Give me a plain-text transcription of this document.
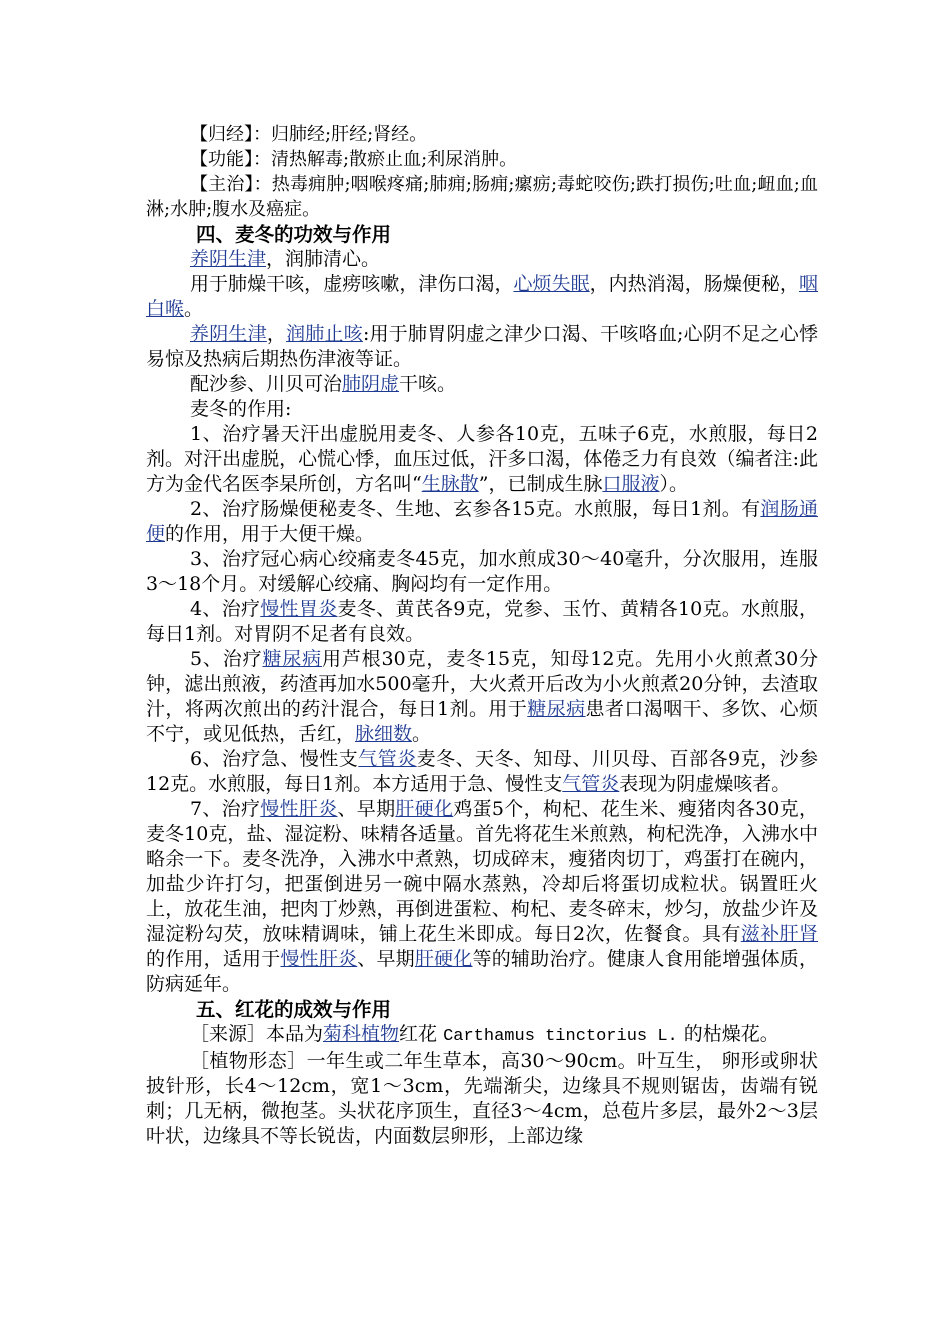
【归经】：归肺经;肝经;肾经。

【功能】：清热解毒;散瘀止血;利尿消肿。

【主治】：热毒痈肿;咽喉疼痛;肺痈;肠痈;瘰疬;毒蛇咬伤;跌打损伤;吐血;衄血;血淋;水肿;腹水及癌症。

四、麦冬的功效与作用

养阴生津，润肺清心。

用于肺燥干咳，虚痨咳嗽，津伤口渴，心烦失眠，内热消渴，肠燥便秘，咽白喉。

养阴生津，润肺止咳:用于肺胃阴虚之津少口渴、干咳咯血;心阴不足之心悸易惊及热病后期热伤津液等证。

配沙参、川贝可治肺阴虚干咳。

麦冬的作用:

1、治疗暑天汗出虚脱用麦冬、人参各10克，五味子6克，水煎服，每日2剂。对汗出虚脱，心慌心悸，血压过低，汗多口渴，体倦乏力有良效（编者注:此方为金代名医李杲所创，方名叫“生脉散”，已制成生脉口服液）。

2、治疗肠燥便秘麦冬、生地、玄参各15克。水煎服，每日1剂。有润肠通便的作用，用于大便干燥。

3、治疗冠心病心绞痛麦冬45克，加水煎成30～40毫升，分次服用，连服3～18个月。对缓解心绞痛、胸闷均有一定作用。

4、治疗慢性胃炎麦冬、黄芪各9克，党参、玉竹、黄精各10克。水煎服，每日1剂。对胃阴不足者有良效。

5、治疗糖尿病用芦根30克，麦冬15克，知母12克。先用小火煎煮30分钟，滤出煎液，药渣再加水500毫升，大火煮开后改为小火煎煮20分钟，去渣取汁，将两次煎出的药汁混合，每日1剂。用于糖尿病患者口渴咽干、多饮、心烦不宁，或见低热，舌红，脉细数。

6、治疗急、慢性支气管炎麦冬、天冬、知母、川贝母、百部各9克，沙参12克。水煎服，每日1剂。本方适用于急、慢性支气管炎表现为阴虚燥咳者。

7、治疗慢性肝炎、早期肝硬化鸡蛋5个，枸杞、花生米、瘦猪肉各30克，麦冬10克，盐、湿淀粉、味精各适量。首先将花生米煎熟，枸杞洗净，入沸水中略余一下。麦冬洗净，入沸水中煮熟，切成碎末，瘦猪肉切丁，鸡蛋打在碗内，加盐少许打匀，把蛋倒进另一碗中隔水蒸熟，冷却后将蛋切成粒状。锅置旺火上，放花生油，把肉丁炒熟，再倒进蛋粒、枸杞、麦冬碎末，炒匀，放盐少许及湿淀粉勾芡，放味精调味，铺上花生米即成。每日2次，佐餐食。具有滋补肝肾的作用，适用于慢性肝炎、早期肝硬化等的辅助治疗。健康人食用能增强体质，防病延年。

五、红花的成效与作用

［来源］本品为菊科植物红花 Carthamus tinctorius L. 的枯燥花。

［植物形态］一年生或二年生草本，高30～90cm。叶互生， 卵形或卵状披针形，长4～12cm，宽1～3cm，先端渐尖，边缘具不规则锯齿，齿端有锐刺；几无柄，微抱茎。头状花序顶生，直径3～4cm，总苞片多层，最外2～3层叶状，边缘具不等长锐齿，内面数层卵形，上部边缘
